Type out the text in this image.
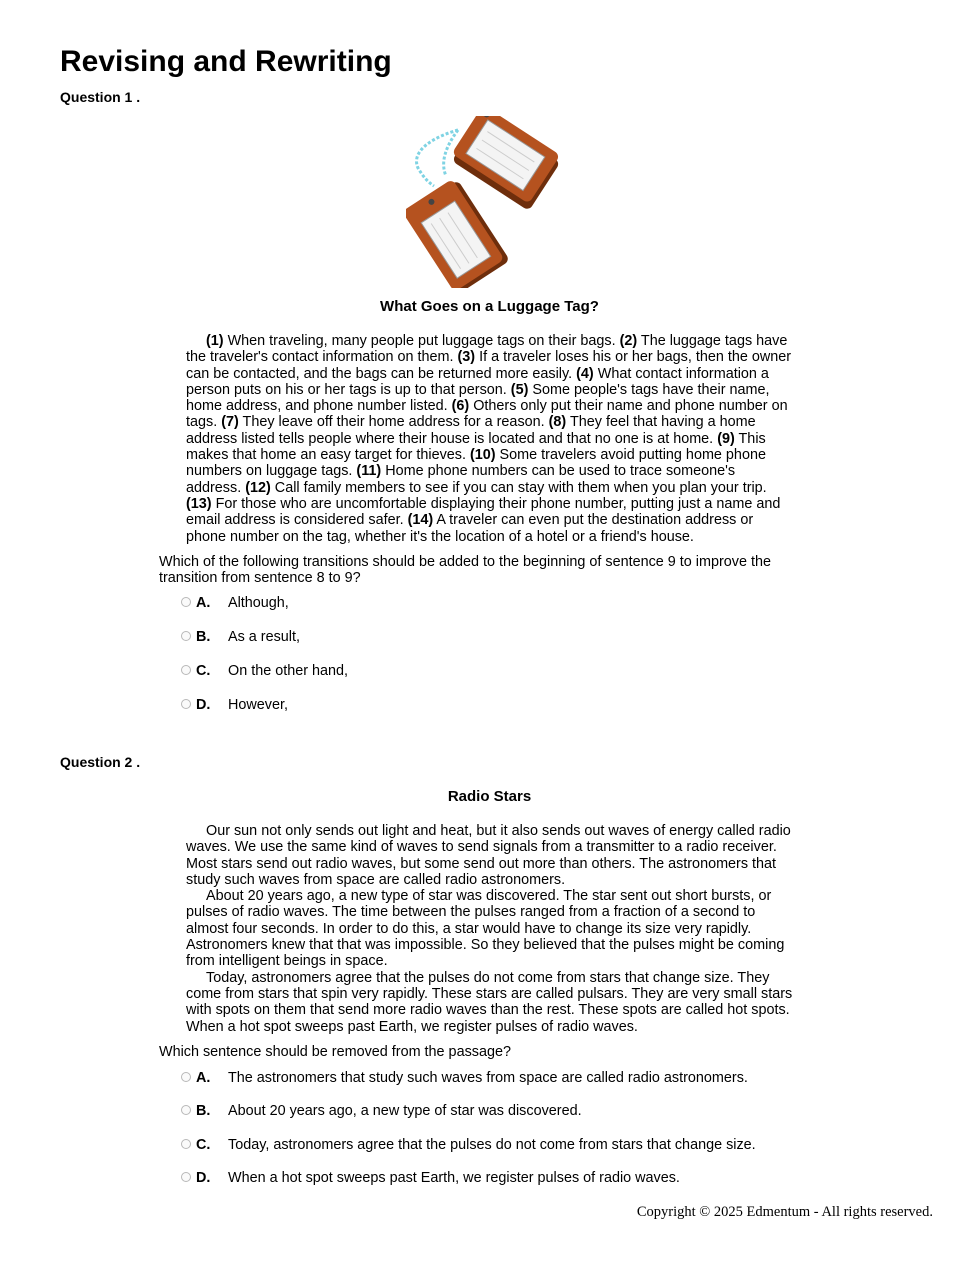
Revising and Rewriting
Question 1 .
What Goes on a Luggage Tag?

(1) When traveling, many people put luggage tags on their bags. (2) The luggage tags have the traveler's contact information on them. (3) If a traveler loses his or her bags, then the owner can be contacted, and the bags can be returned more easily. (4) What contact information a person puts on his or her tags is up to that person. (5) Some people's tags have their name, home address, and phone number listed. (6) Others only put their name and phone number on tags. (7) They leave off their home address for a reason. (8) They feel that having a home address listed tells people where their house is located and that no one is at home. (9) This makes that home an easy target for thieves. (10) Some travelers avoid putting home phone numbers on luggage tags. (11) Home phone numbers can be used to trace someone's address. (12) Call family members to see if you can stay with them when you plan your trip. (13) For those who are uncomfortable displaying their phone number, putting just a name and email address is considered safer. (14) A traveler can even put the destination address or phone number on the tag, whether it's the location of a hotel or a friend's house.

Which of the following transitions should be added to the beginning of sentence 9 to improve the transition from sentence 8 to 9?
A.	Although,
B.	As a result,
C.	On the other hand,
D.	However,
Question 2 .
Radio Stars

Our sun not only sends out light and heat, but it also sends out waves of energy called radio waves. We use the same kind of waves to send signals from a transmitter to a radio receiver. Most stars send out radio waves, but some send out more than others. The astronomers that study such waves from space are called radio astronomers.

About 20 years ago, a new type of star was discovered. The star sent out short bursts, or pulses of radio waves. The time between the pulses ranged from a fraction of a second to almost four seconds. In order to do this, a star would have to change its size very rapidly. Astronomers knew that that was impossible. So they believed that the pulses might be coming from intelligent beings in space.

Today, astronomers agree that the pulses do not come from stars that change size. They come from stars that spin very rapidly. These stars are called pulsars. They are very small stars with spots on them that send more radio waves than the rest. These spots are called hot spots. When a hot spot sweeps past Earth, we register pulses of radio waves.

Which sentence should be removed from the passage?
A.	The astronomers that study such waves from space are called radio astronomers.
B.	About 20 years ago, a new type of star was discovered.
C.	Today, astronomers agree that the pulses do not come from stars that change size.
D.	When a hot spot sweeps past Earth, we register pulses of radio waves.
Copyright © 2025 Edmentum - All rights reserved.
